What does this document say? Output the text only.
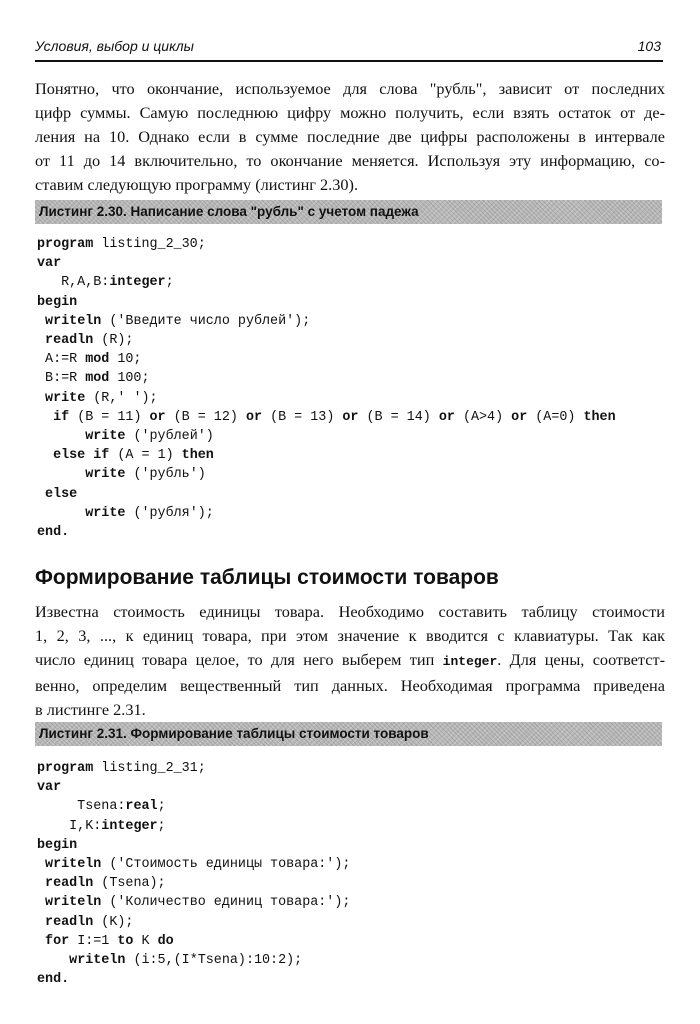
Условия, выбор и циклы	103
Понятно, что окончание, используемое для слова "рубль", зависит от последних
цифр суммы. Самую последнюю цифру можно получить, если взять остаток от де-
ления на 10. Однако если в сумме последние две цифры расположены в интервале
от 11 до 14 включительно, то окончание меняется. Используя эту информацию, со-
ставим следующую программу (листинг 2.30).
Листинг 2.30. Написание слова "рубль" с учетом падежа
program listing_2_30;
var
R,A,B:integer;
begin
writeln ('Введите число рублей');
readln (R);
A:=R mod 10;
B:=R mod 100;
write (R,' ');
if (B = 11) or (B = 12) or (B = 13) or (B = 14) or (A>4) or (A=0) then
write ('рублей')
else if (A = 1) then
write ('рубль')
else
write ('рубля');
end.
Формирование таблицы стоимости товаров
Известна стоимость единицы товара. Необходимо составить таблицу стоимости
1, 2, 3, ..., к единиц товара, при этом значение к вводится с клавиатуры. Так как
число единиц товара целое, то для него выберем тип integer. Для цены, соответст-
венно, определим вещественный тип данных. Необходимая программа приведена
в листинге 2.31.
Листинг 2.31. Формирование таблицы стоимости товаров
program listing_2_31;
var
Tsena:real;
I,K:integer;
begin
writeln ('Стоимость единицы товара:');
readln (Tsena);
writeln ('Количество единиц товара:');
readln (K);
for I:=1 to K do
writeln (i:5,(I*Tsena):10:2);
end.
